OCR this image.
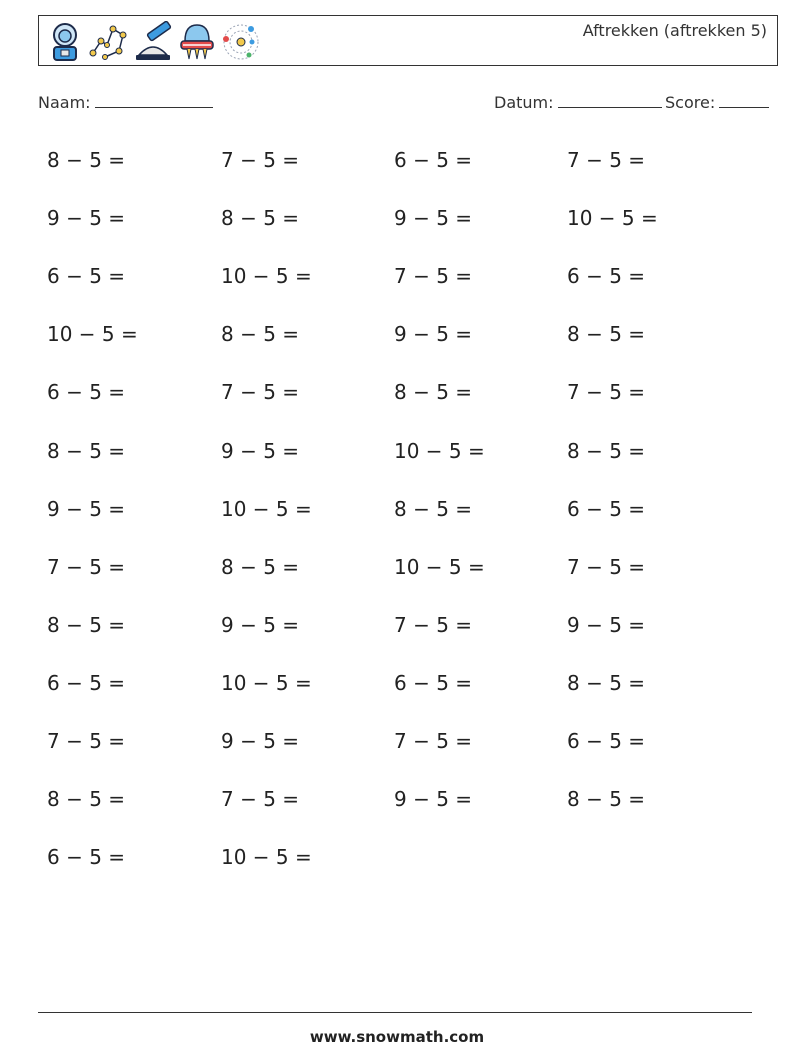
Aftrekken (aftrekken 5)
Naam:	Datum:	Score:
8 − 5 =	7 − 5 =	6 − 5 =	7 − 5 =
9 − 5 =	8 − 5 =	9 − 5 =	10 − 5 =
6 − 5 =	10 − 5 =	7 − 5 =	6 − 5 =
10 − 5 =	8 − 5 =	9 − 5 =	8 − 5 =
6 − 5 =	7 − 5 =	8 − 5 =	7 − 5 =
8 − 5 =	9 − 5 =	10 − 5 =	8 − 5 =
9 − 5 =	10 − 5 =	8 − 5 =	6 − 5 =
7 − 5 =	8 − 5 =	10 − 5 =	7 − 5 =
8 − 5 =	9 − 5 =	7 − 5 =	9 − 5 =
6 − 5 =	10 − 5 =	6 − 5 =	8 − 5 =
7 − 5 =	9 − 5 =	7 − 5 =	6 − 5 =
8 − 5 =	7 − 5 =	9 − 5 =	8 − 5 =
6 − 5 =	10 − 5 =
www.snowmath.com
